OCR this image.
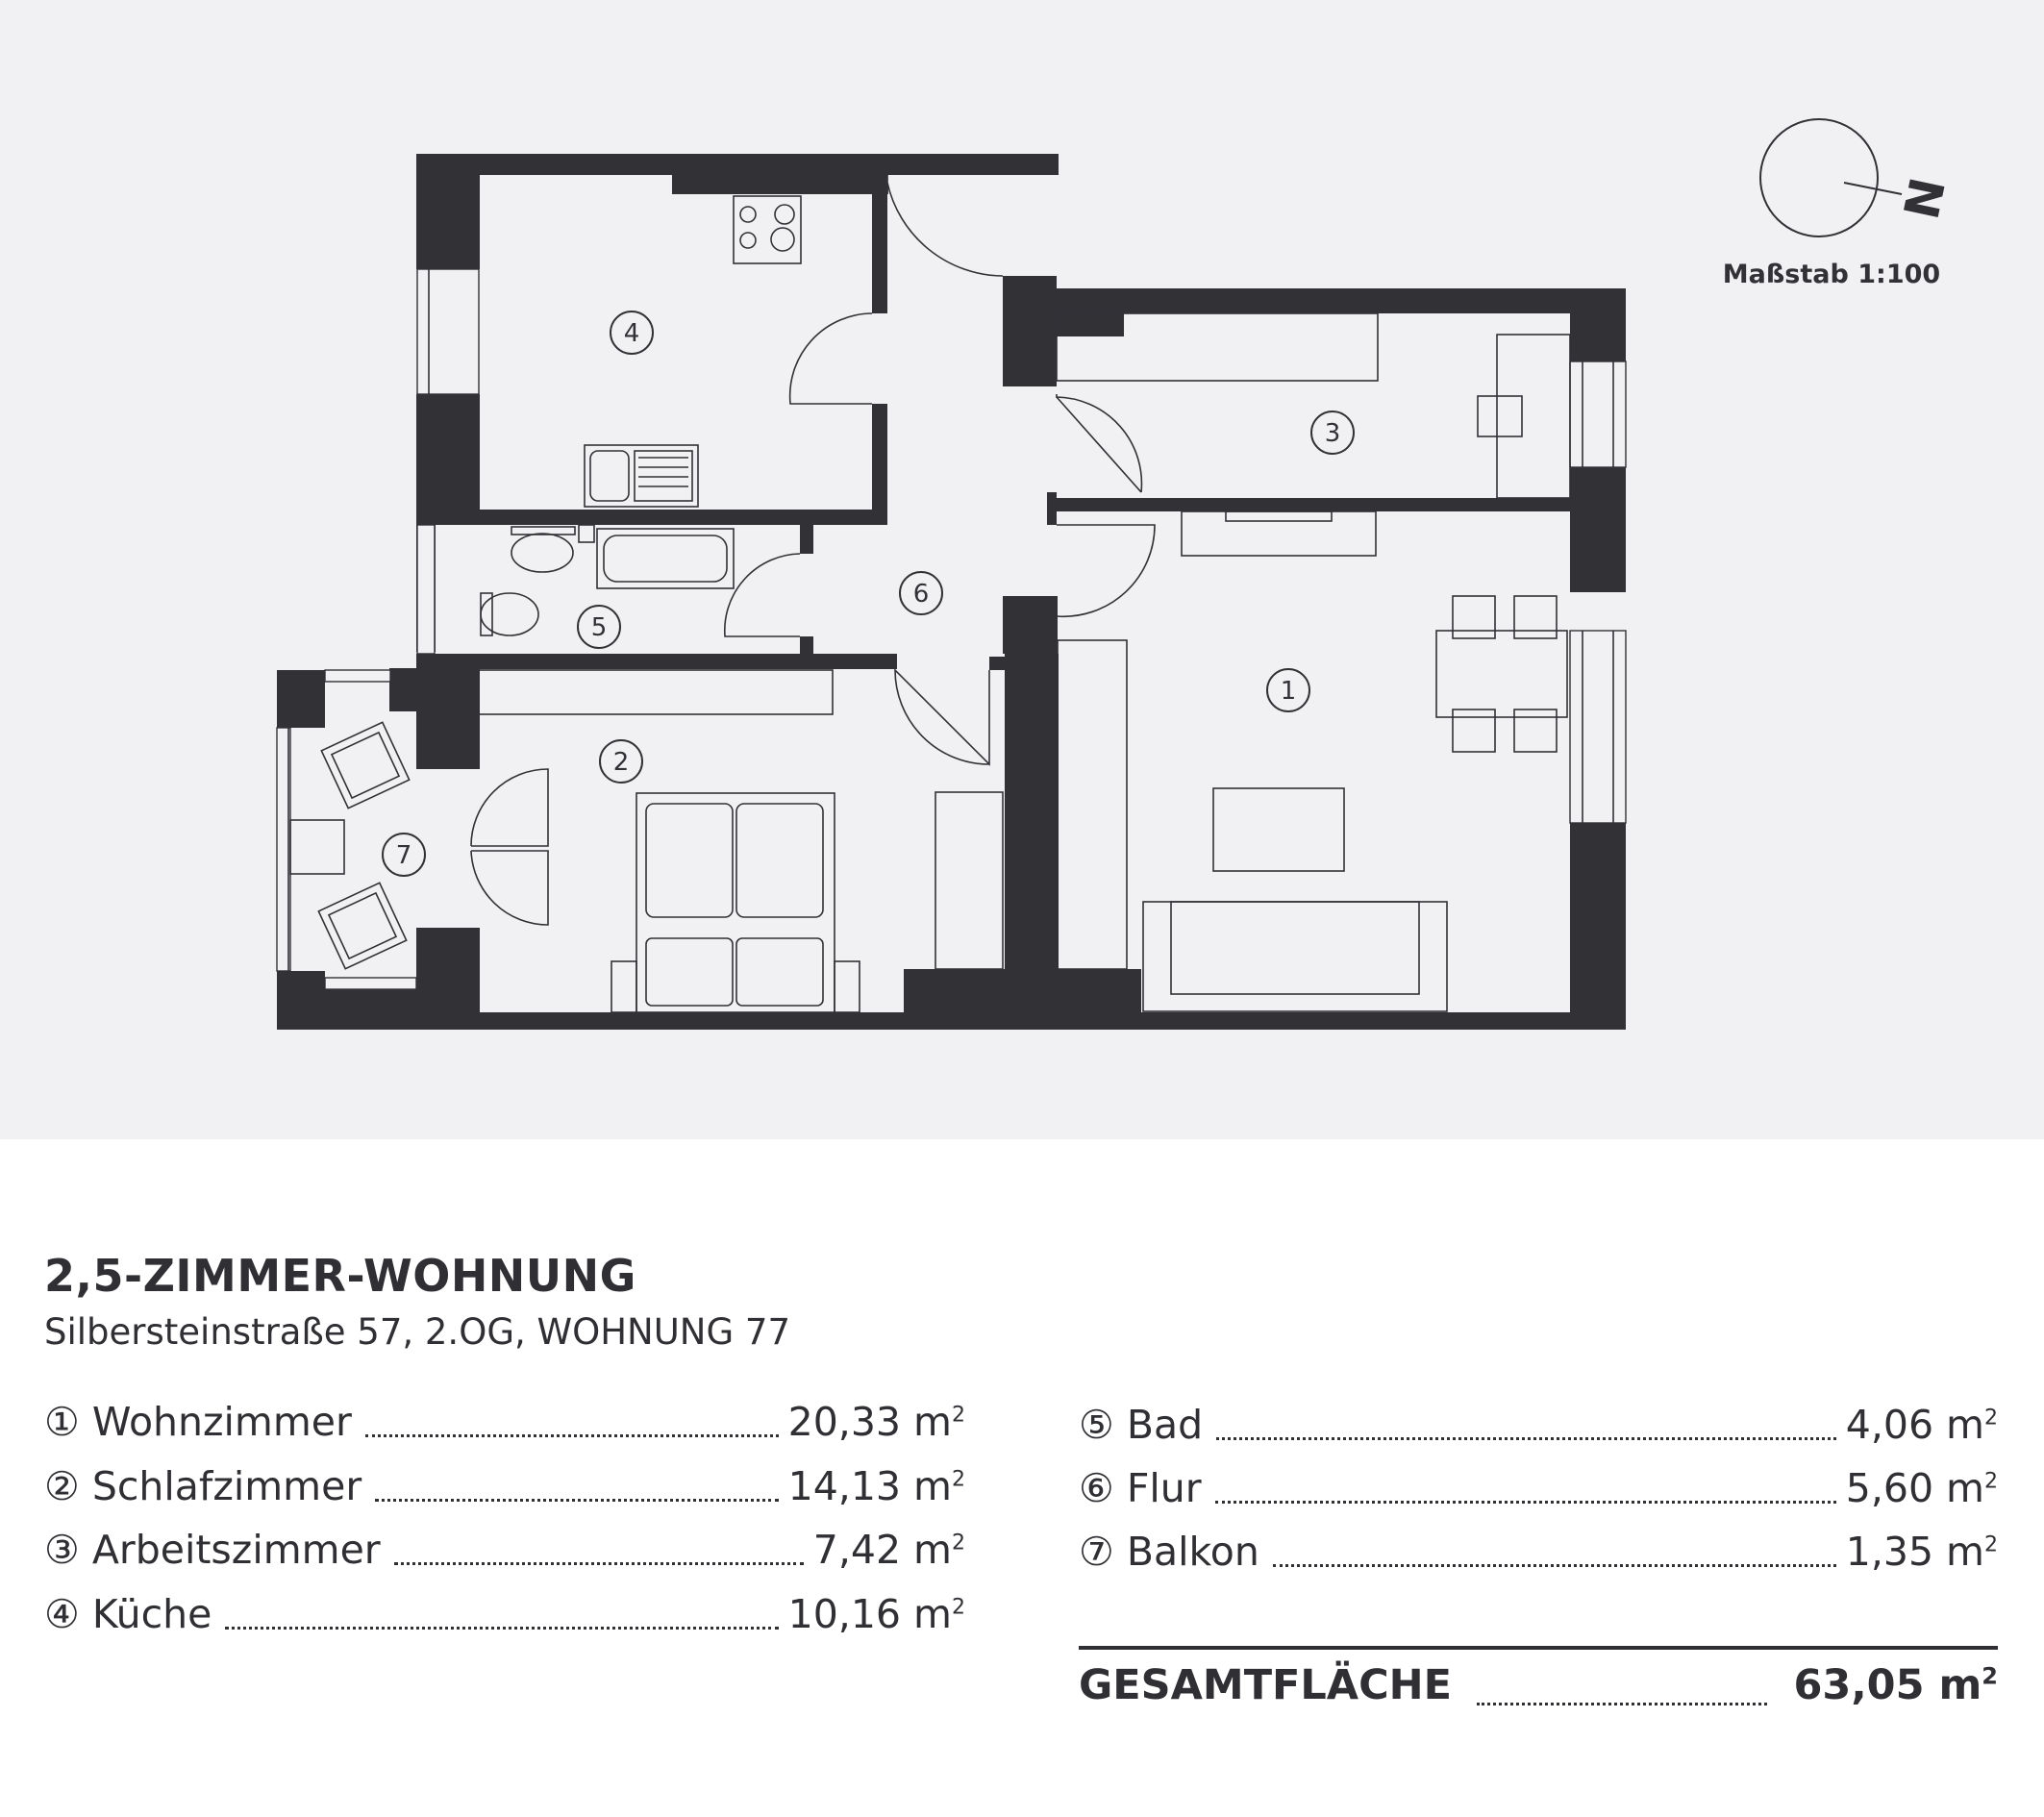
1
2
3
4
5
6
7
N
Maßstab 1:100
2,5-ZIMMER-WOHNUNG
Silbersteinstraße 57, 2.OG, WOHNUNG 77
① Wohnzimmer	20,33 $m^2$
② Schlafzimmer	14,13 $m^2$
③ Arbeitszimmer	7,42 $m^2$
④ Küche	10,16 $m^2$
⑤ Bad	4,06 $m^2$
⑥ Flur	5,60 $m^2$
⑦ Balkon	1,35 $m^2$
GESAMTFLÄCHE	63,05 $m^2$
